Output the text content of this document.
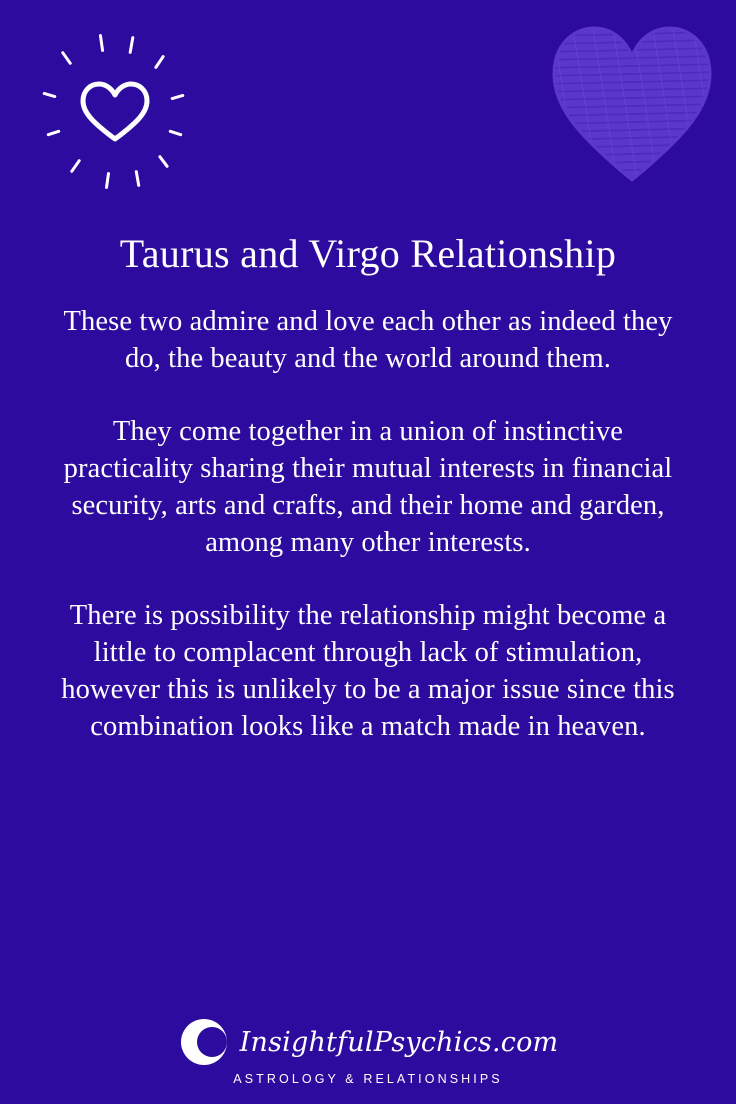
Taurus and Virgo Relationship

These two admire and love each other as indeed they do, the beauty and the world around them.

They come together in a union of instinctive practicality sharing their mutual interests in financial security, arts and crafts, and their home and garden, among many other interests.

There is possibility the relationship might become a little to complacent through lack of stimulation, however this is unlikely to be a major issue since this combination looks like a match made in heaven.

InsightfulPsychics.com
ASTROLOGY & RELATIONSHIPS
